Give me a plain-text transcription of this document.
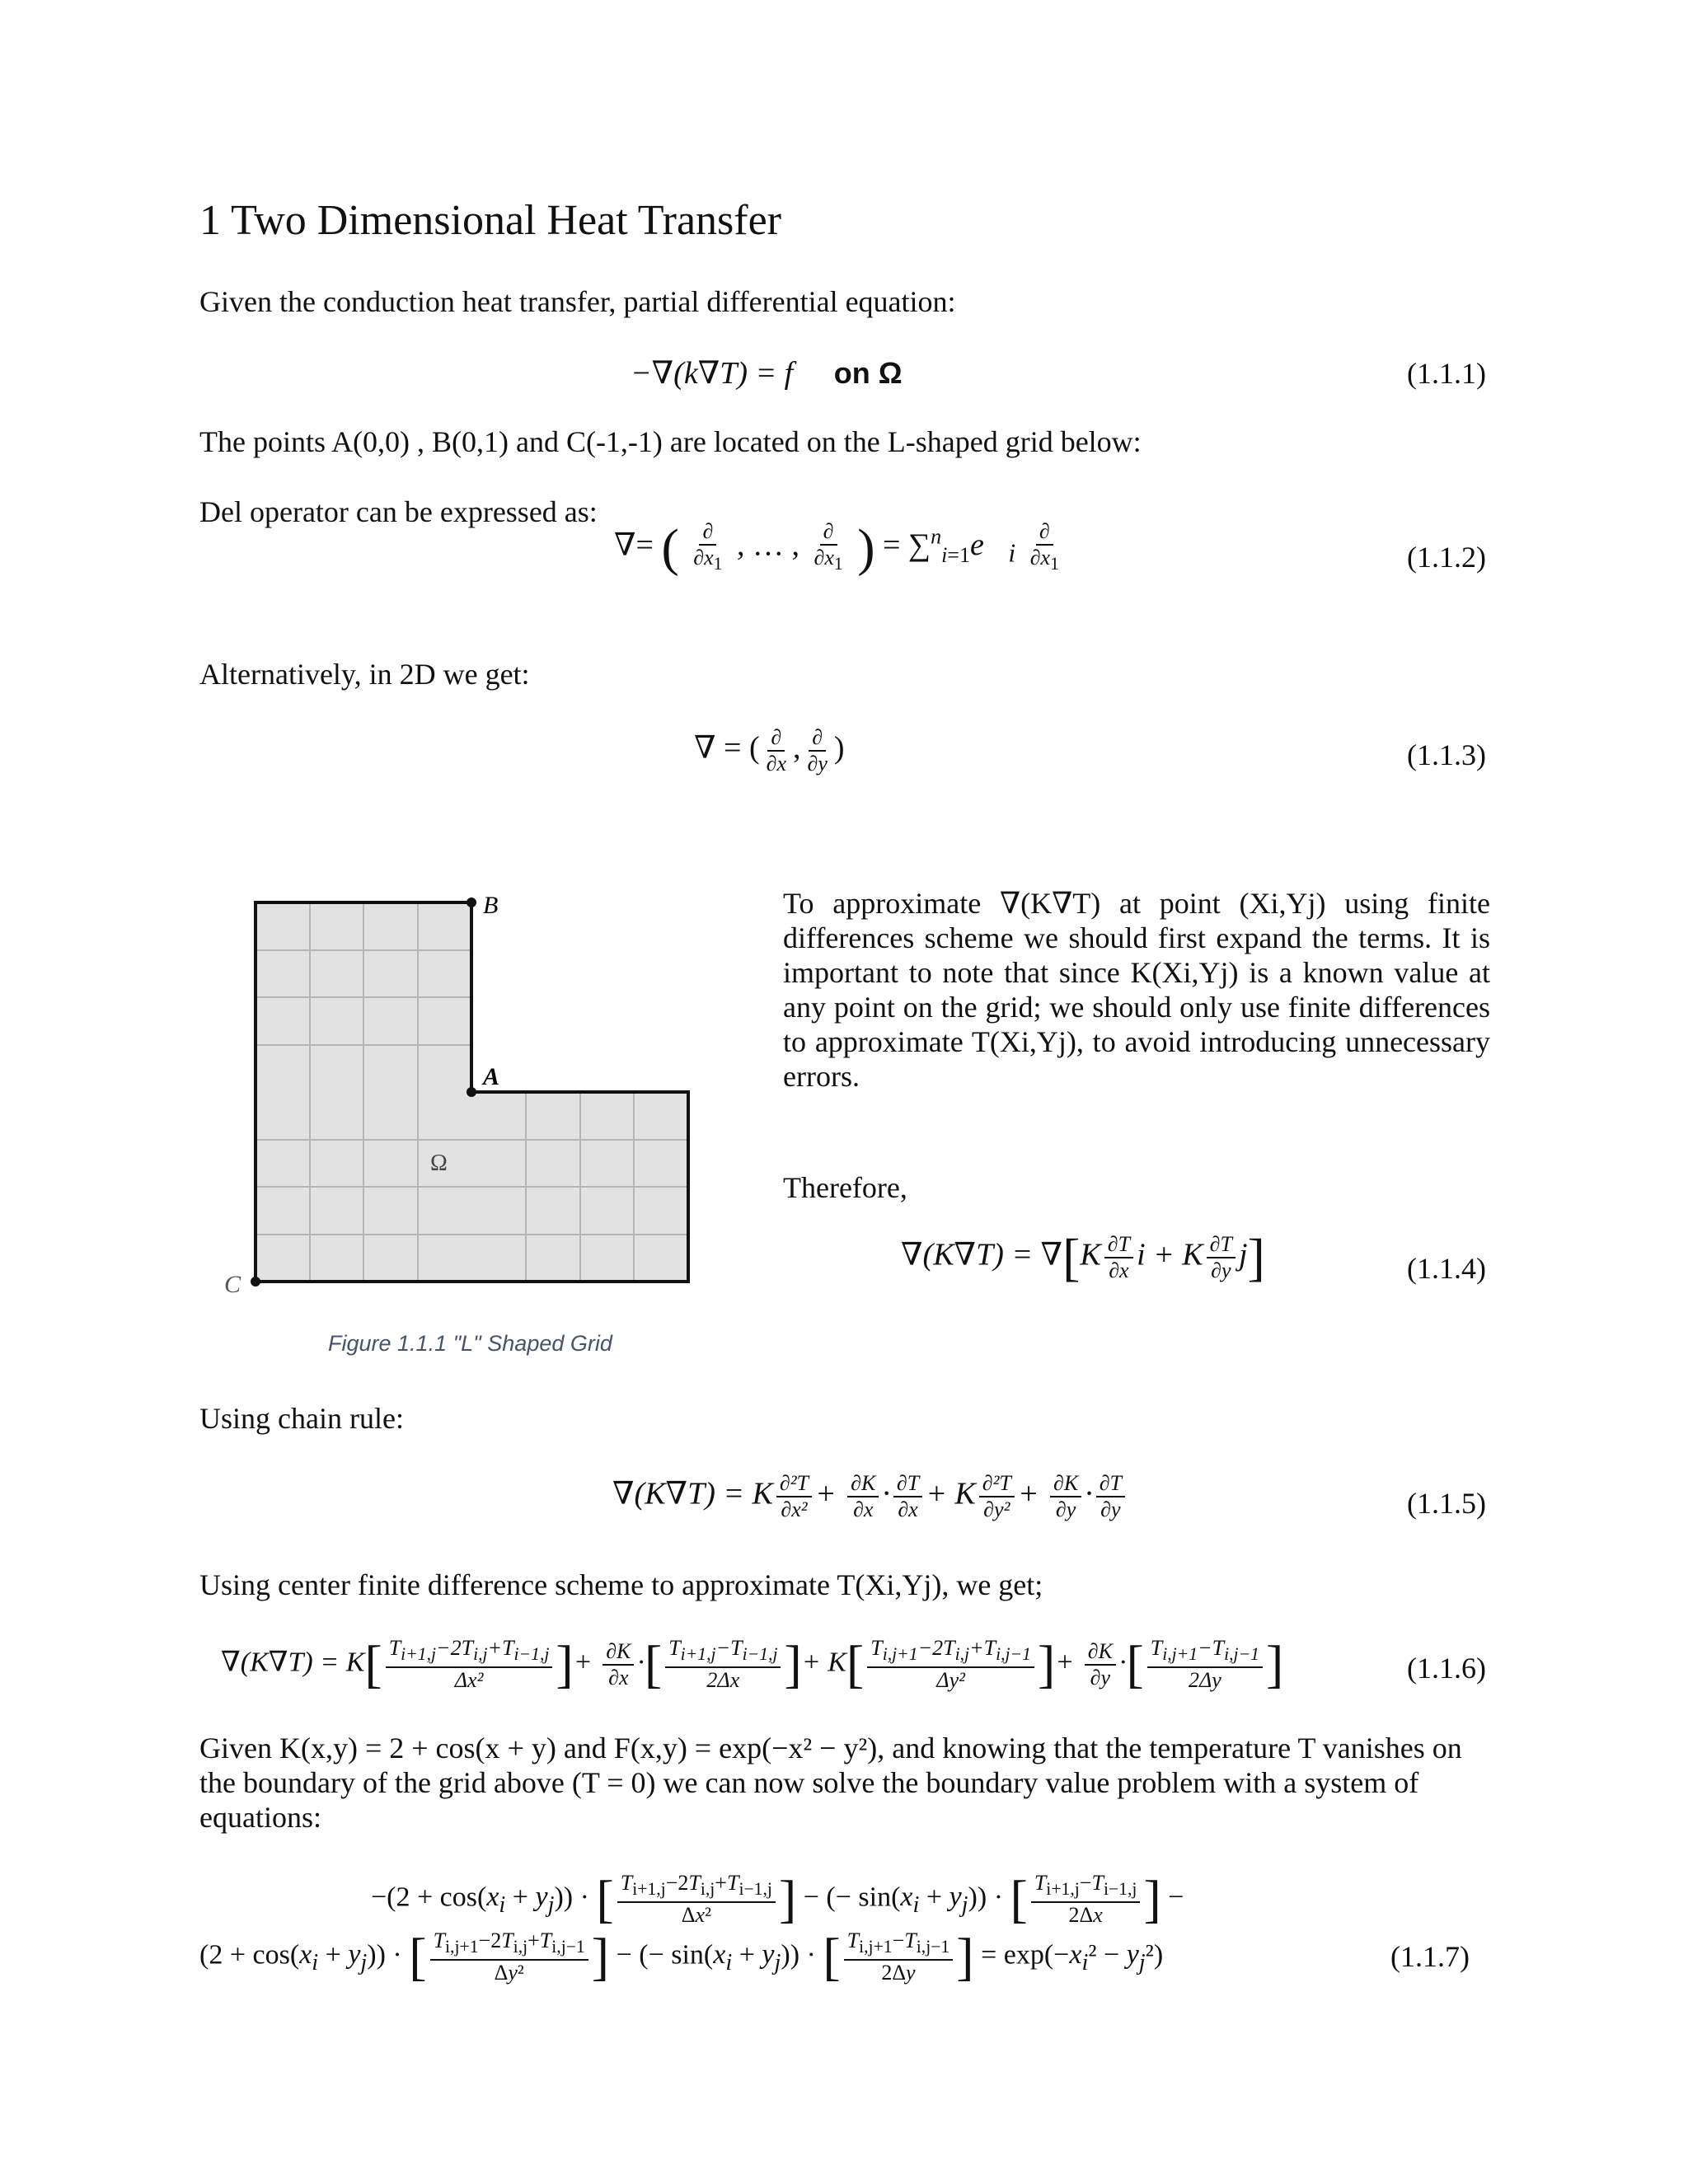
1 Two Dimensional Heat Transfer
Given the conduction heat transfer, partial differential equation:
−∇(k∇T) = f on Ω	(1.1.1)
The points A(0,0) , B(0,1) and C(-1,-1) are located on the L-shaped grid below:
Del operator can be expressed as:
∇= ( $\frac{\partial}{\partial x_1}$ , … , $\frac{\partial}{\partial x_1}$ ) = $\sum^n_{i=1}e⃗_i \frac{\partial}{\partial x_1}$	(1.1.2)
Alternatively, in 2D we get:
∇ = ( $\frac{\partial}{\partial x}$ , $\frac{\partial}{\partial y}$ )	(1.1.3)
B
A
C
Ω
Figure 1.1.1 "L" Shaped Grid
To approximate ∇(K∇T) at point (Xi,Yj) using finite differences scheme we should first expand the terms. It is important to note that since K(Xi,Yj) is a known value at any point on the grid; we should only use finite differences to approximate T(Xi,Yj), to avoid introducing unnecessary errors.
Therefore,
$\nabla(K\nabla T) = \nabla[K \frac{\partial T}{\partial x}$ i + K $\frac{\partial T}{\partial y} j$]	(1.1.4)
Using chain rule:
∇(K∇T) = K $\frac{\text{∂²T}}{\text{∂x²}} + \frac{\partial K}{\partial x} \cdot \frac{\partial T}{\partial x} + K \frac{\text{∂²T}}{\text{∂y²}} + \frac{\partial K}{\partial y} \cdot \frac{\partial T}{\partial y}$	(1.1.5)
Using center finite difference scheme to approximate T(Xi,Yj), we get;
$\nabla(K\nabla T) = K[ \frac{T_{i+1,j}-2T_{i,j}+T_{i-1,j}}{\text{Δx²}}$ ]+ $\frac{\partial K}{\partial x}$ ·[ $\frac{T_{i+1,j}-T_{i-1,j}}{2\Delta x}$ ]+ $K[ \frac{T_{i,j+1}-2T_{i,j}+T_{i,j-1}}{\text{Δy²}}$ ]+ $\frac{\partial K}{\partial y}$ ·[ $\frac{T_{i,j+1}-T_{i,j-1}}{2\Delta y}$ ]	(1.1.6)
Given K(x,y) = 2 + cos(x + y) and F(x,y) = exp(−x² − y²), and knowing that the temperature T vanishes on the boundary of the grid above (T = 0) we can now solve the boundary value problem with a system of equations:
$-(2 + \cos(x_i + y_j))$ · [ $\frac{T_{i+1,j}-2T_{i,j}+T_{i-1,j}}{\text{Δx²}}$ ] − (− $\sin(x_i + y_j)$) · [ $\frac{T_{i+1,j}-T_{i-1,j}}{2\Delta x}$ ] −
$(2 + \cos(x_i + y_j))$ · [ $\frac{T_{i,j+1}-2T_{i,j}+T_{i,j-1}}{\text{Δy²}}$ ] − (− $\sin(x_i + y_j)$) · [ $\frac{T_{i,j+1}-T_{i,j-1}}{2\Delta y}$ ] = $\exp(-x_i^2 - y_j^2)$	(1.1.7)
